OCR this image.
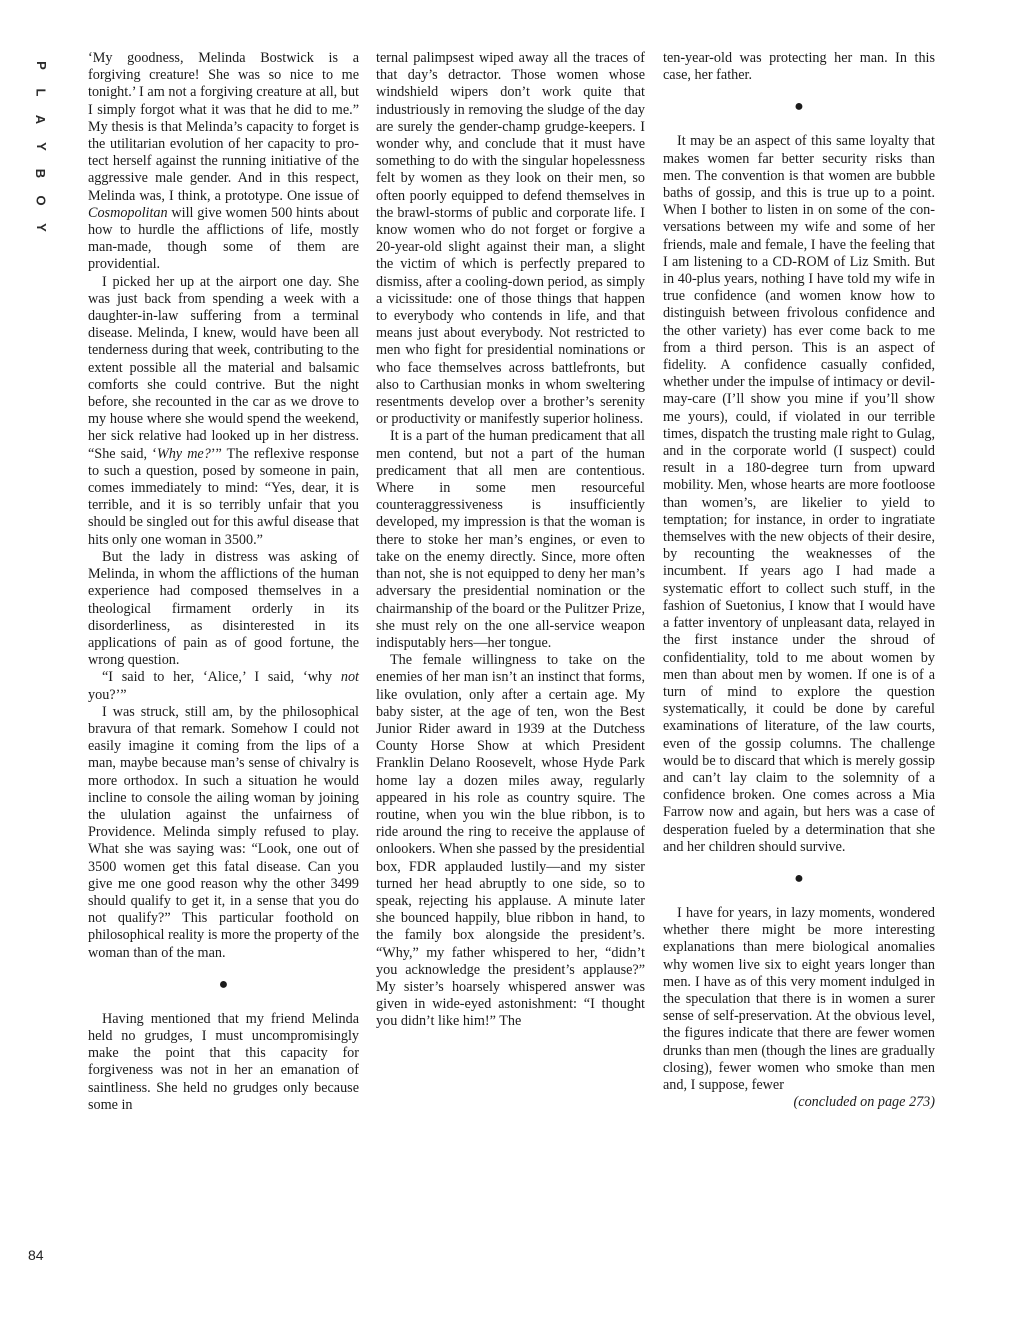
P
L
A
Y
B
O
Y
84

‘My goodness, Melinda Bostwick is a forgiving creature! She was so nice to me tonight.’ I am not a forgiving creature at all, but I simply forgot what it was that he did to me.” My thesis is that Melinda’s capacity to forget is the utilitarian evolution of her capacity to protect herself against the running initiative of the aggressive male gender. And in this respect, Melinda was, I think, a prototype. One issue of Cosmopolitan will give women 500 hints about how to hurdle the afflictions of life, mostly man-made, though some of them are providential.

I picked her up at the airport one day. She was just back from spending a week with a daughter-in-law suffering from a terminal disease. Melinda, I knew, would have been all tenderness during that week, contributing to the extent possible all the material and balsamic comforts she could contrive. But the night before, she recounted in the car as we drove to my house where she would spend the weekend, her sick relative had looked up in her distress. “She said, ‘Why me?’” The reflexive response to such a question, posed by someone in pain, comes immediately to mind: “Yes, dear, it is terrible, and it is so terribly unfair that you should be singled out for this awful disease that hits only one woman in 3500.”

But the lady in distress was asking of Melinda, in whom the afflictions of the human experience had composed themselves in a theological firmament orderly in its disorderliness, as disinterested in its applications of pain as of good fortune, the wrong question.

“I said to her, ‘Alice,’ I said, ‘why not you?’”

I was struck, still am, by the philosophical bravura of that remark. Somehow I could not easily imagine it coming from the lips of a man, maybe because man’s sense of chivalry is more orthodox. In such a situation he would incline to console the ailing woman by joining the ululation against the unfairness of Providence. Melinda simply refused to play. What she was saying was: “Look, one out of 3500 women get this fatal disease. Can you give me one good reason why the other 3499 should qualify to get it, in a sense that you do not qualify?” This particular foothold on philosophical reality is more the property of the woman than of the man.

●

Having mentioned that my friend Melinda held no grudges, I must uncompromisingly make the point that this capacity for forgiveness was not in her an emanation of saintliness. She held no grudges only because some in

ternal palimpsest wiped away all the traces of that day’s detractor. Those women whose windshield wipers don’t work quite that industriously in removing the sludge of the day are surely the gender-champ grudge-keepers. I wonder why, and conclude that it must have something to do with the singular hopelessness felt by women as they look on their men, so often poorly equipped to defend themselves in the brawl-storms of public and corporate life. I know women who do not forget or forgive a 20-year-old slight against their man, a slight the victim of which is perfectly prepared to dismiss, after a cooling-down period, as simply a vicissitude: one of those things that happen to everybody who contends in life, and that means just about everybody. Not restricted to men who fight for presidential nominations or who face themselves across battlefronts, but also to Carthusian monks in whom sweltering resentments develop over a brother’s serenity or productivity or manifestly superior holiness.

It is a part of the human predicament that all men contend, but not a part of the human predicament that all men are contentious. Where in some men resourceful counteraggressiveness is insufficiently developed, my impression is that the woman is there to stoke her man’s engines, or even to take on the enemy directly. Since, more often than not, she is not equipped to deny her man’s adversary the presidential nomination or the chairmanship of the board or the Pulitzer Prize, she must rely on the one all-service weapon indisputably hers—her tongue.

The female willingness to take on the enemies of her man isn’t an instinct that forms, like ovulation, only after a certain age. My baby sister, at the age of ten, won the Best Junior Rider award in 1939 at the Dutchess County Horse Show at which President Franklin Delano Roosevelt, whose Hyde Park home lay a dozen miles away, regularly appeared in his role as country squire. The routine, when you win the blue ribbon, is to ride around the ring to receive the applause of onlookers. When she passed by the presidential box, FDR applauded lustily—and my sister turned her head abruptly to one side, so to speak, rejecting his applause. A minute later she bounced happily, blue ribbon in hand, to the family box alongside the president’s. “Why,” my father whispered to her, “didn’t you acknowledge the president’s applause?” My sister’s hoarsely whispered answer was given in wide-eyed astonishment: “I thought you didn’t like him!” The

ten-year-old was protecting her man. In this case, her father.

●

It may be an aspect of this same loyalty that makes women far better security risks than men. The convention is that women are bubble baths of gossip, and this is true up to a point. When I bother to listen in on some of the conversations between my wife and some of her friends, male and female, I have the feeling that I am listening to a CD-ROM of Liz Smith. But in 40-plus years, nothing I have told my wife in true confidence (and women know how to distinguish between frivolous confidence and the other variety) has ever come back to me from a third person. This is an aspect of fidelity. A confidence casually confided, whether under the impulse of intimacy or devil-may-care (I’ll show you mine if you’ll show me yours), could, if violated in our terrible times, dispatch the trusting male right to Gulag, and in the corporate world (I suspect) could result in a 180-degree turn from upward mobility. Men, whose hearts are more footloose than women’s, are likelier to yield to temptation; for instance, in order to ingratiate themselves with the new objects of their desire, by recounting the weaknesses of the incumbent. If years ago I had made a systematic effort to collect such stuff, in the fashion of Suetonius, I know that I would have a fatter inventory of unpleasant data, relayed in the first instance under the shroud of confidentiality, told to me about women by men than about men by women. If one is of a turn of mind to explore the question systematically, it could be done by careful examinations of literature, of the law courts, even of the gossip columns. The challenge would be to discard that which is merely gossip and can’t lay claim to the solemnity of a confidence broken. One comes across a Mia Farrow now and again, but hers was a case of desperation fueled by a determination that she and her children should survive.

●

I have for years, in lazy moments, wondered whether there might be more interesting explanations than mere biological anomalies why women live six to eight years longer than men. I have as of this very moment indulged in the speculation that there is in women a surer sense of self-preservation. At the obvious level, the figures indicate that there are fewer women drunks than men (though the lines are gradually closing), fewer women who smoke than men and, I suppose, fewer

(concluded on page 273)
